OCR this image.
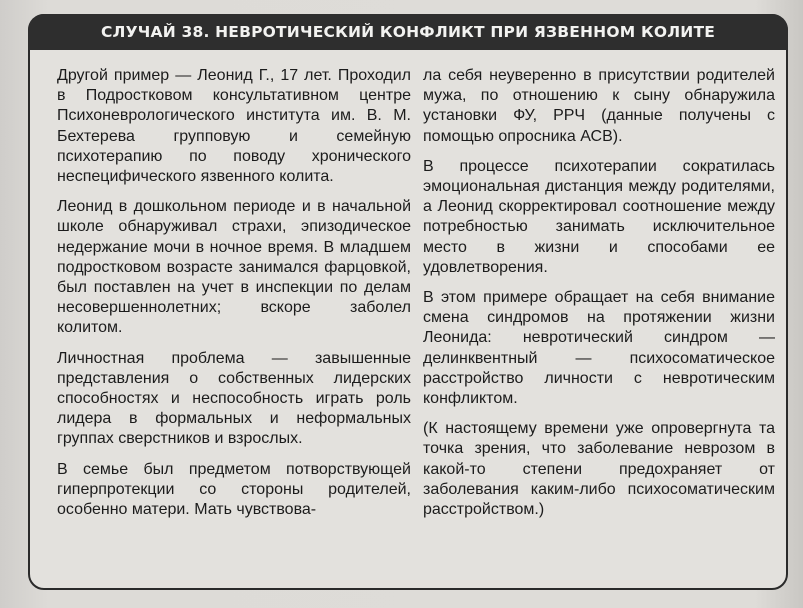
СЛУЧАЙ 38. НЕВРОТИЧЕСКИЙ КОНФЛИКТ ПРИ ЯЗВЕННОМ КОЛИТЕ

Другой пример — Леонид Г., 17 лет. Проходил в Подростковом консультативном центре Психоневрологического института им. В. М. Бехтерева групповую и семейную психотерапию по поводу хронического неспецифического язвенного колита.

Леонид в дошкольном периоде и в начальной школе обнаруживал страхи, эпизодическое недержание мочи в ночное время. В младшем подростковом возрасте занимался фарцовкой, был поставлен на учет в инспекции по делам несовершеннолетних; вскоре заболел колитом.

Личностная проблема — завышенные представления о собственных лидерских способностях и неспособность играть роль лидера в формальных и неформальных группах сверстников и взрослых.

В семье был предметом потворствующей гиперпротекции со стороны родителей, особенно матери. Мать чувствова-

ла себя неуверенно в присутствии родителей мужа, по отношению к сыну обнаружила установки ФУ, РРЧ (данные получены с помощью опросника АСВ).

В процессе психотерапии сократилась эмоциональная дистанция между родителями, а Леонид скорректировал соотношение между потребностью занимать исключительное место в жизни и способами ее удовлетворения.

В этом примере обращает на себя внимание смена синдромов на протяжении жизни Леонида: невротический синдром — делинквентный — психосоматическое расстройство личности с невротическим конфликтом.

(К настоящему времени уже опровергнута та точка зрения, что заболевание неврозом в какой-то степени предохраняет от заболевания каким-либо психосоматическим расстройством.)
